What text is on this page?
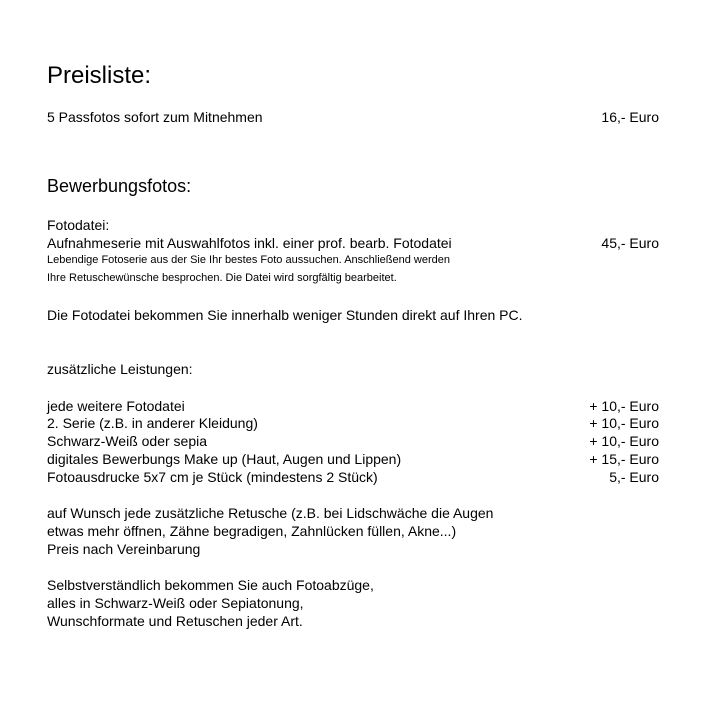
Preisliste:
5 Passfotos sofort zum Mitnehmen	16,- Euro
Bewerbungsfotos:
Fotodatei:
Aufnahmeserie mit Auswahlfotos inkl. einer prof. bearb. Fotodatei	45,- Euro
Lebendige Fotoserie aus der Sie Ihr bestes Foto aussuchen. Anschließend werden
Ihre Retuschewünsche besprochen. Die Datei wird sorgfältig bearbeitet.
Die Fotodatei bekommen Sie innerhalb weniger Stunden direkt auf Ihren PC.
zusätzliche Leistungen:
jede weitere Fotodatei	+ 10,- Euro
2. Serie (z.B. in anderer Kleidung)	+ 10,- Euro
Schwarz-Weiß oder sepia	+ 10,- Euro
digitales Bewerbungs Make up (Haut, Augen und Lippen)	+ 15,- Euro
Fotoausdrucke 5x7 cm je Stück (mindestens 2 Stück)	5,- Euro
auf Wunsch jede zusätzliche Retusche (z.B. bei Lidschwäche die Augen
etwas mehr öffnen, Zähne begradigen, Zahnlücken füllen, Akne...)
Preis nach Vereinbarung
Selbstverständlich bekommen Sie auch Fotoabzüge,
alles in Schwarz-Weiß oder Sepiatonung,
Wunschformate und Retuschen jeder Art.
